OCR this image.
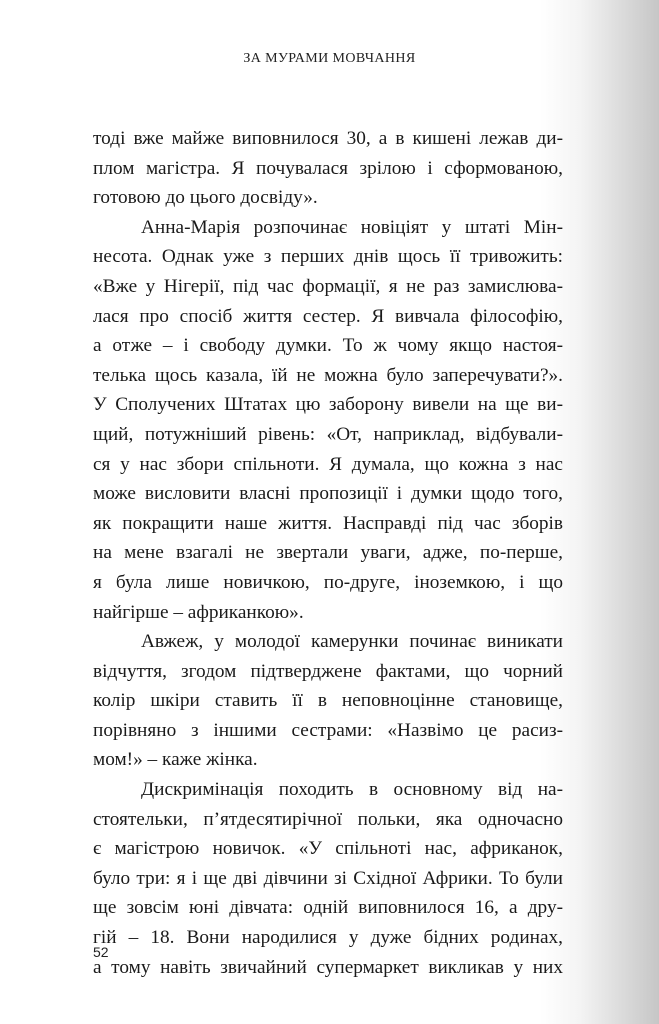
ЗА МУРАМИ МОВЧАННЯ
тоді вже майже виповнилося 30, а в кишені лежав ди-
плом магістра. Я почувалася зрілою і сформованою,
готовою до цього досвіду».
Анна-Марія розпочинає новіціят у штаті Мін-
несота. Однак уже з перших днів щось її тривожить:
«Вже у Нігерії, під час формації, я не раз замислюва-
лася про спосіб життя сестер. Я вивчала філософію,
а отже – і свободу думки. То ж чому якщо настоя-
телька щось казала, їй не можна було заперечувати?».
У Сполучених Штатах цю заборону вивели на ще ви-
щий, потужніший рівень: «От, наприклад, відбували-
ся у нас збори спільноти. Я думала, що кожна з нас
може висловити власні пропозиції і думки щодо того,
як покращити наше життя. Насправді під час зборів
на мене взагалі не звертали уваги, адже, по-перше,
я була лише новичкою, по-друге, іноземкою, і що
найгірше – африканкою».
Авжеж, у молодої камерунки починає виникати
відчуття, згодом підтверджене фактами, що чорний
колір шкіри ставить її в неповноцінне становище,
порівняно з іншими сестрами: «Назвімо це расиз-
мом!» – каже жінка.
Дискримінація походить в основному від на-
стоятельки, п’ятдесятирічної польки, яка одночасно
є магістрою новичок. «У спільноті нас, африканок,
було три: я і ще дві дівчини зі Східної Африки. То були
ще зовсім юні дівчата: одній виповнилося 16, а дру-
гій – 18. Вони народилися у дуже бідних родинах,
а тому навіть звичайний супермаркет викликав у них
52
